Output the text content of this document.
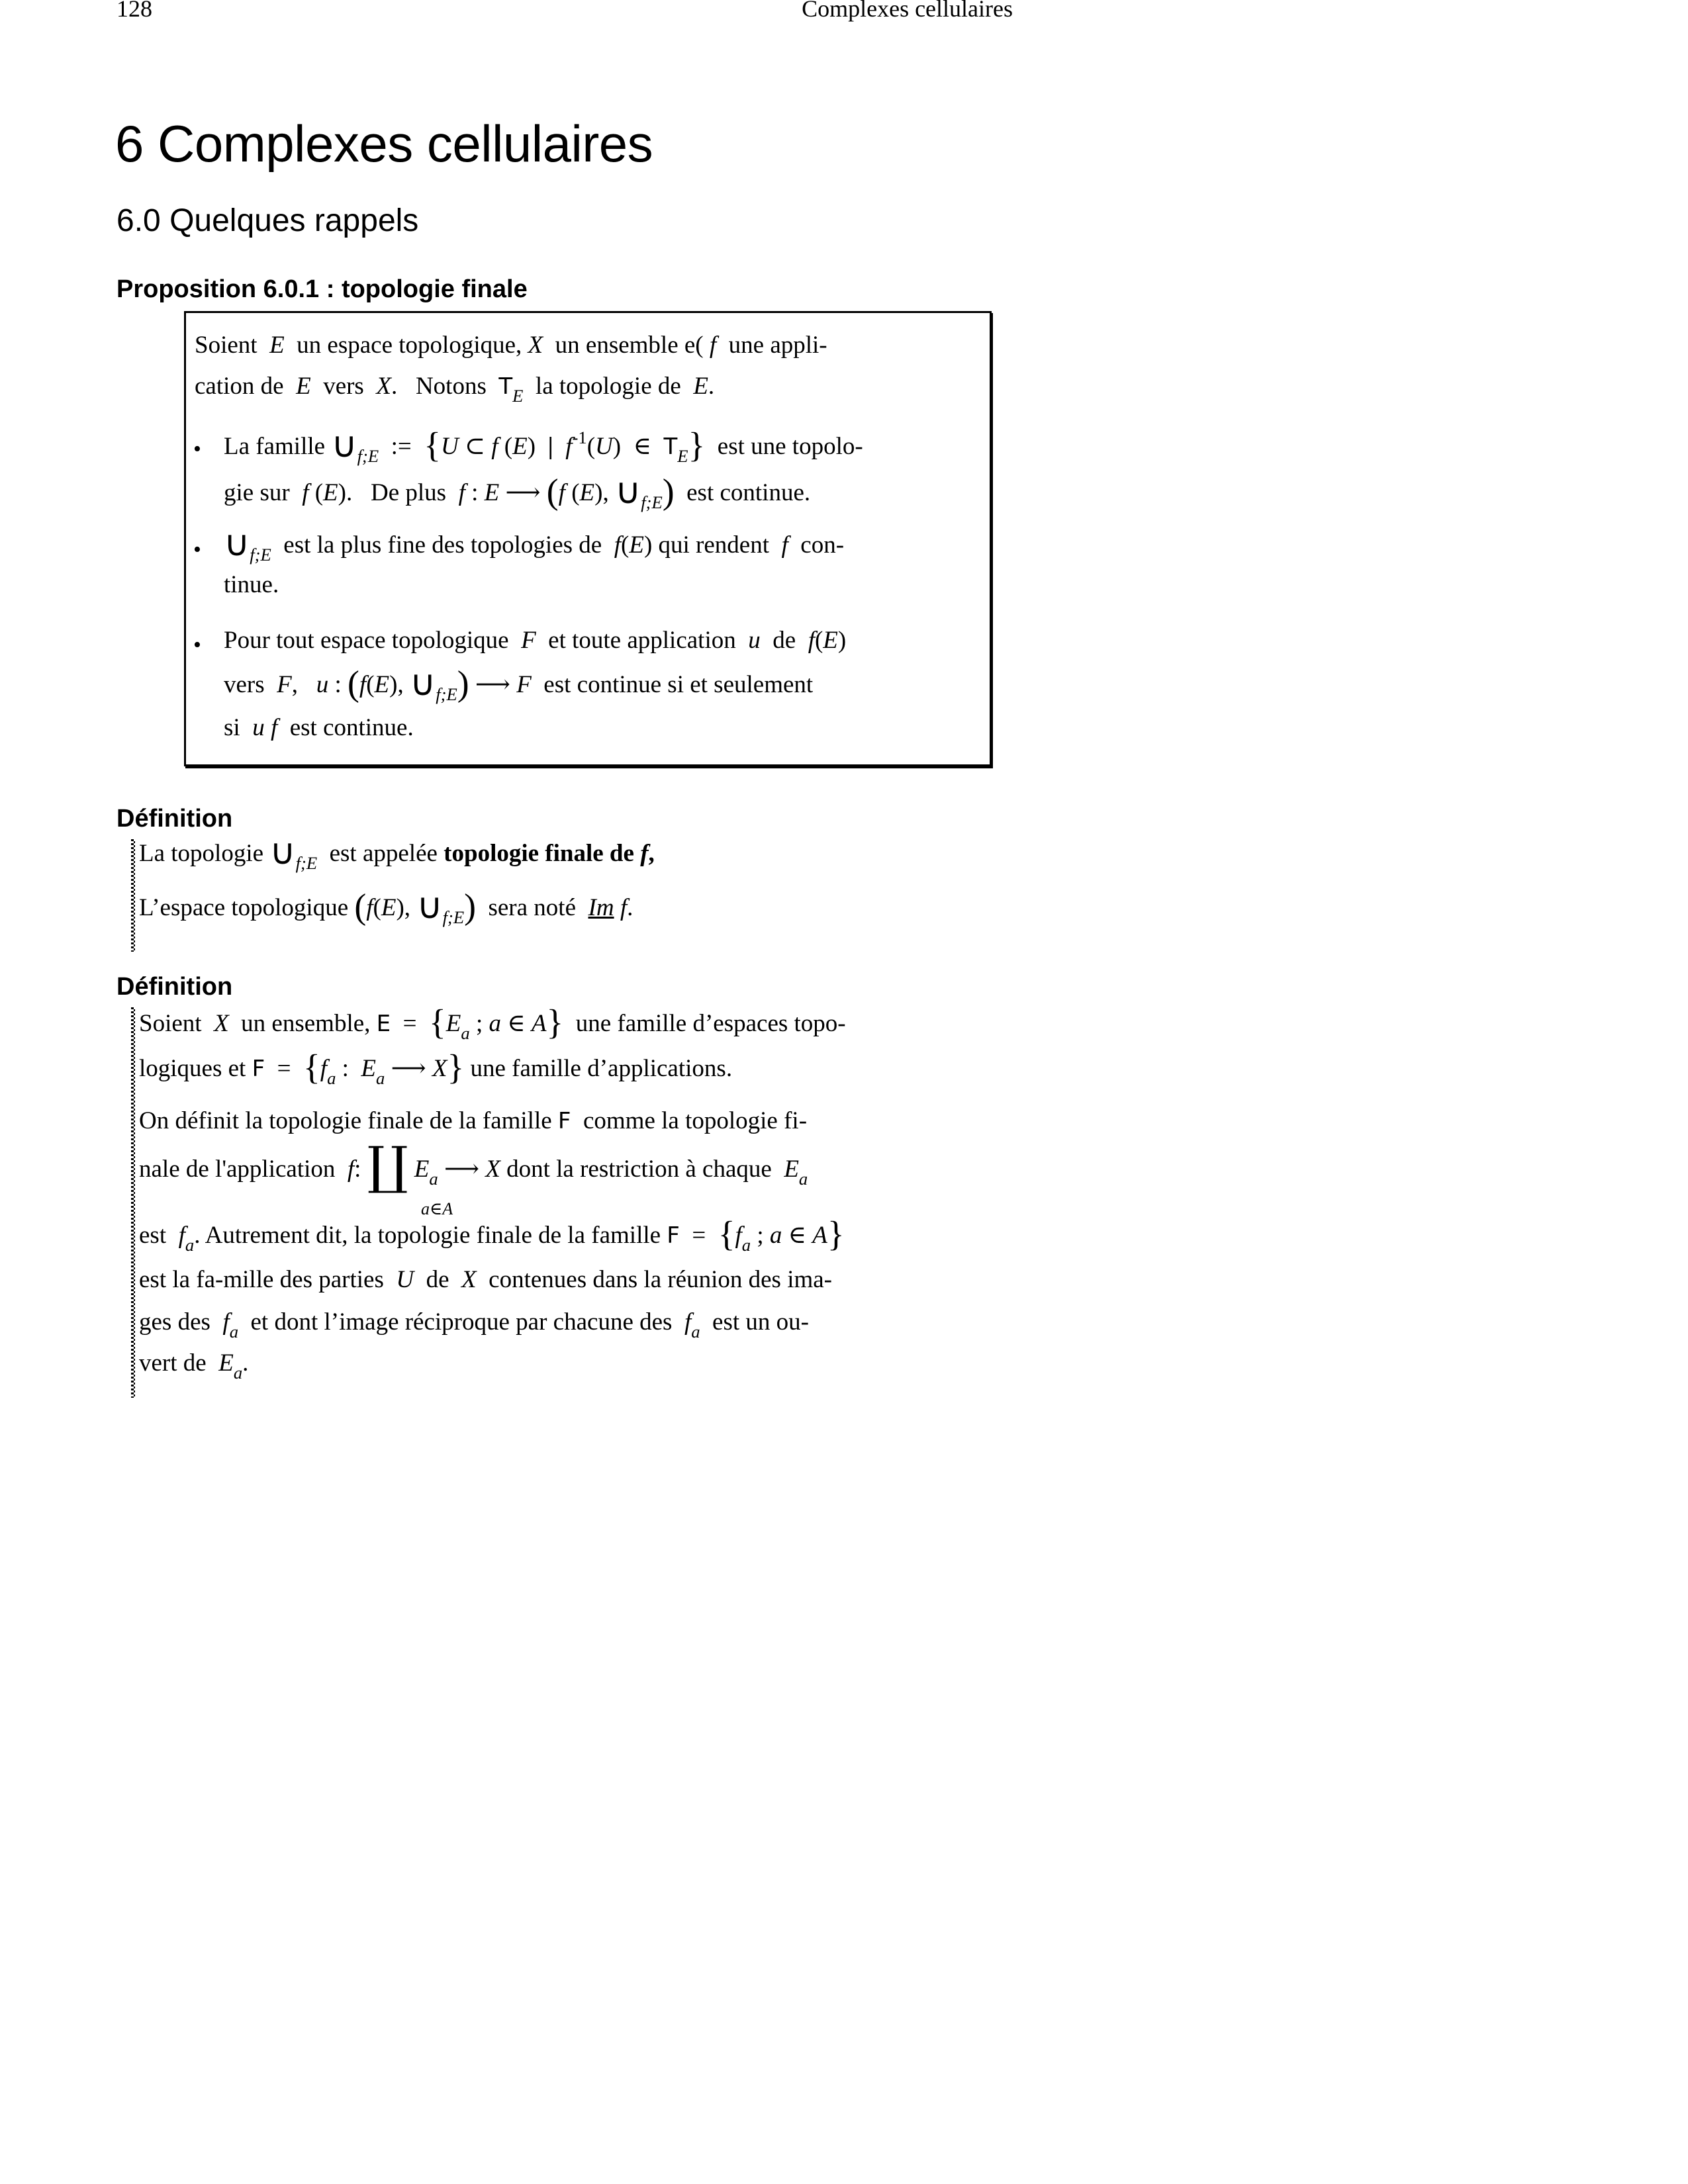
128	Complexes cellulaires
6 Complexes cellulaires
6.0 Quelques rappels
Proposition 6.0.1 : topologie finale
Soient E un espace topologique, X un ensemble e( f une appli-
cation de E vers X.   Notons $T_E$ la topologie de E.
• La famille $\cup_{f;E}$  :=  {U ⊂ f (E)  | $f^{-1}(U)$  ∈  $T_E$} est une topolo-
gie sur f (E).   De plus f : E ⟶ (f (E), $\cup_{f;E}$) est continue.
• $\cup_{f;E}$ est la plus fine des topologies de f(E) qui rendent f con-
tinue.
• Pour tout espace topologique F et toute application u de f(E)
vers F,   u : (f(E), $\cup_{f;E}$) ⟶ F est continue si et seulement
si u f est continue.
Définition
La topologie $\cup_{f;E}$ est appelée topologie finale de f,
L’espace topologique (f(E), $\cup_{f;E}$) sera noté Im f.
Définition
Soient X un ensemble, $E = \{E_a$ ; a ∈ A} une famille d’espaces topo-
logiques et $F = \{f_a$ :  $E_a$ ⟶ X} une famille d’applications.
On définit la topologie finale de la famille F comme la topologie fi-
nale de l'application f: ∐ $E_a$ ⟶ X dont la restriction à chaque $E_a$
a∈A
est $f_a$. Autrement dit, la topologie finale de la famille $F = \{f_a$ ; a ∈ A}
est la fa-mille des parties U de X contenues dans la réunion des ima-
ges des $f_a$ et dont l’image réciproque par chacune des $f_a$ est un ou-
vert de $E_a$.
